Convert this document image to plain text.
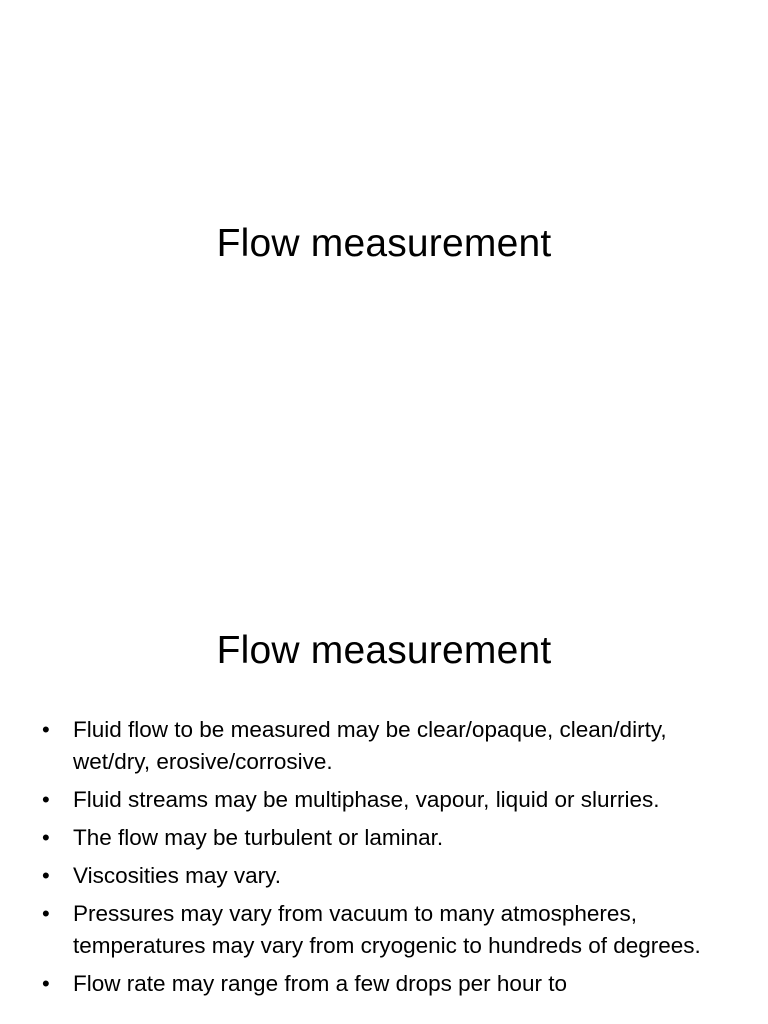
Flow measurement
Flow measurement
•	Fluid flow to be measured may be clear/opaque, clean/dirty, wet/dry, erosive/corrosive.
•	Fluid streams may be multiphase, vapour, liquid or slurries.
•	The flow may be turbulent or laminar.
•	Viscosities may vary.
•	Pressures may vary from vacuum to many atmospheres, temperatures may vary from cryogenic to hundreds of degrees.
•	Flow rate may range from a few drops per hour to
